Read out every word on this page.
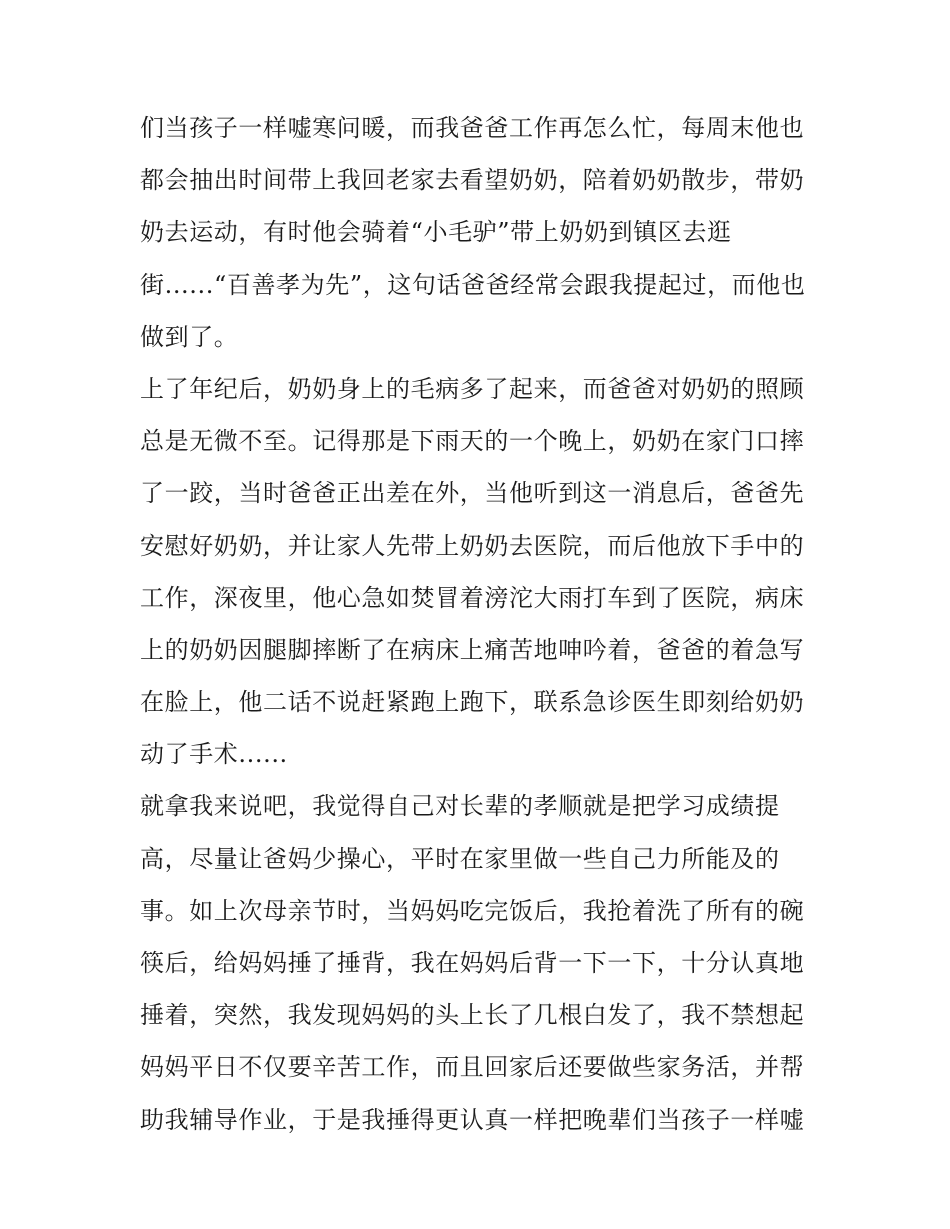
们当孩子一样嘘寒问暖，而我爸爸工作再怎么忙，每周末他也
都会抽出时间带上我回老家去看望奶奶，陪着奶奶散步，带奶
奶去运动，有时他会骑着“小毛驴”带上奶奶到镇区去逛
街......“百善孝为先”，这句话爸爸经常会跟我提起过，而他也
做到了。
上了年纪后，奶奶身上的毛病多了起来，而爸爸对奶奶的照顾
总是无微不至。记得那是下雨天的一个晚上，奶奶在家门口摔
了一跤，当时爸爸正出差在外，当他听到这一消息后，爸爸先
安慰好奶奶，并让家人先带上奶奶去医院，而后他放下手中的
工作，深夜里，他心急如焚冒着滂沱大雨打车到了医院，病床
上的奶奶因腿脚摔断了在病床上痛苦地呻吟着，爸爸的着急写
在脸上，他二话不说赶紧跑上跑下，联系急诊医生即刻给奶奶
动了手术......
就拿我来说吧，我觉得自己对长辈的孝顺就是把学习成绩提
高，尽量让爸妈少操心，平时在家里做一些自己力所能及的
事。如上次母亲节时，当妈妈吃完饭后，我抢着洗了所有的碗
筷后，给妈妈捶了捶背，我在妈妈后背一下一下，十分认真地
捶着，突然，我发现妈妈的头上长了几根白发了，我不禁想起
妈妈平日不仅要辛苦工作，而且回家后还要做些家务活，并帮
助我辅导作业，于是我捶得更认真一样把晚辈们当孩子一样嘘
